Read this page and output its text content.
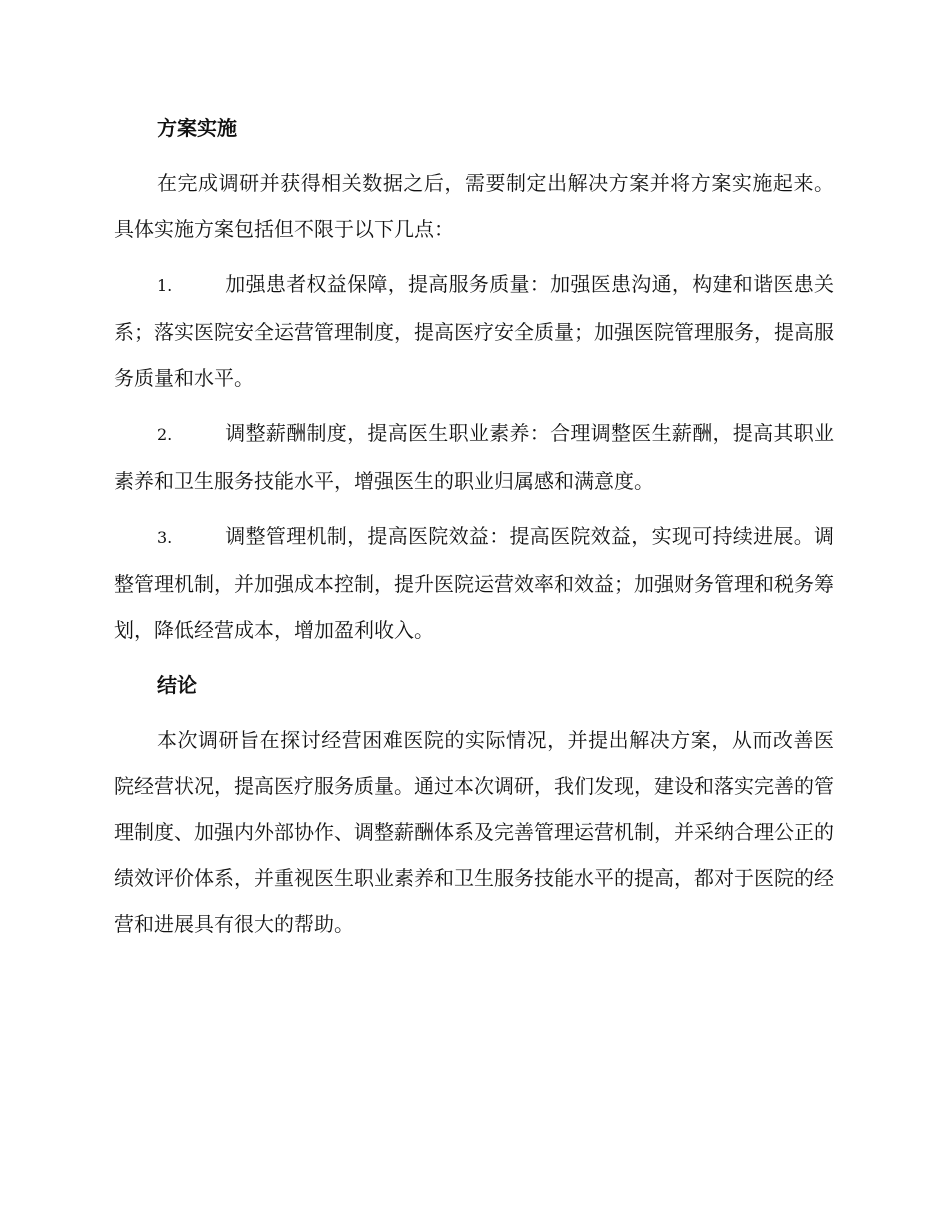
方案实施

在完成调研并获得相关数据之后，需要制定出解决方案并将方案实施起来。具体实施方案包括但不限于以下几点：

1.	加强患者权益保障，提高服务质量：加强医患沟通，构建和谐医患关系；落实医院安全运营管理制度，提高医疗安全质量；加强医院管理服务，提高服务质量和水平。

2.	调整薪酬制度，提高医生职业素养：合理调整医生薪酬，提高其职业素养和卫生服务技能水平，增强医生的职业归属感和满意度。

3.	调整管理机制，提高医院效益：提高医院效益，实现可持续进展。调整管理机制，并加强成本控制，提升医院运营效率和效益；加强财务管理和税务筹划，降低经营成本，增加盈利收入。

结论

本次调研旨在探讨经营困难医院的实际情况，并提出解决方案，从而改善医院经营状况，提高医疗服务质量。通过本次调研，我们发现，建设和落实完善的管理制度、加强内外部协作、调整薪酬体系及完善管理运营机制，并采纳合理公正的绩效评价体系，并重视医生职业素养和卫生服务技能水平的提高，都对于医院的经营和进展具有很大的帮助。
